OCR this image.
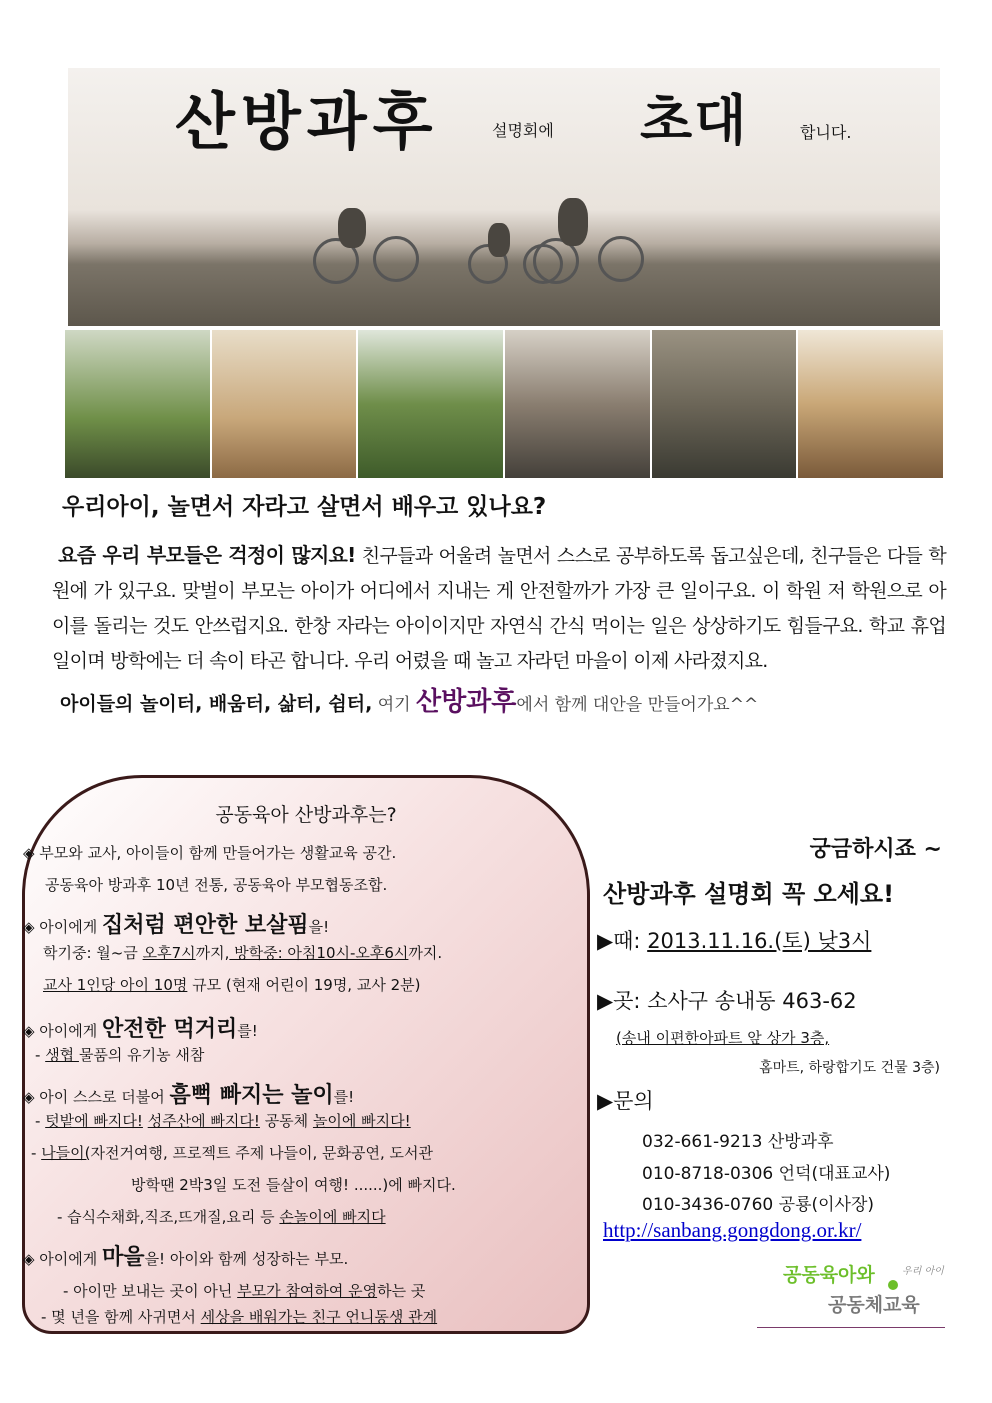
산방과후	설명회에 초대	합니다.
우리아이, 놀면서 자라고 살면서 배우고 있나요?
요즘 우리 부모들은 걱정이 많지요! 친구들과 어울려 놀면서 스스로 공부하도록 돕고싶은데, 친구들은 다들 학원에 가 있구요. 맞벌이 부모는 아이가 어디에서 지내는 게 안전할까가 가장 큰 일이구요. 이 학원 저 학원으로 아이를 돌리는 것도 안쓰럽지요. 한창 자라는 아이이지만 자연식 간식 먹이는 일은 상상하기도 힘들구요. 학교 휴업일이며 방학에는 더 속이 타곤 합니다. 우리 어렸을 때 놀고 자라던 마을이 이제 사라졌지요.
아이들의 놀이터, 배움터, 삶터, 쉼터, 여기 산방과후에서 함께 대안을 만들어가요^^
공동육아 산방과후는?
◈ 부모와 교사, 아이들이 함께 만들어가는 생활교육 공간.
공동육아 방과후 10년 전통, 공동육아 부모협동조합.
◈ 아이에게 집처럼 편안한 보살핌을!
학기중: 월~금 오후7시까지, 방학중: 아침10시-오후6시까지.
교사 1인당 아이 10명 규모 (현재 어린이 19명, 교사 2분)
◈ 아이에게 안전한 먹거리를!
- 생협 물품의 유기농 새참
◈ 아이 스스로 더불어 흠뻑 빠지는 놀이를!
- 텃밭에 빠지다! 성주산에 빠지다! 공동체 놀이에 빠지다!
- 나들이(자전거여행, 프로젝트 주제 나들이, 문화공연, 도서관
방학땐 2박3일 도전 들살이 여행! ......)에 빠지다.
- 습식수채화,직조,뜨개질,요리 등 손놀이에 빠지다
◈ 아이에게 마을을! 아이와 함께 성장하는 부모.
- 아이만 보내는 곳이 아닌 부모가 참여하여 운영하는 곳
- 몇 년을 함께 사귀면서 세상을 배워가는 친구 언니동생 관계
궁금하시죠 ~
산방과후 설명회 꼭 오세요!
▶때: 2013.11.16.(토) 낮3시
▶곳: 소사구 송내동 463-62
(송내 이편한아파트 앞 상가 3층,
홈마트, 하랑합기도 건물 3층)
▶문의
032-661-9213 산방과후
010-8718-0306 언덕(대표교사)
010-3436-0760 공룡(이사장)
http://sanbang.gongdong.or.kr/
공동육아와
공동체교육
우리 아이
